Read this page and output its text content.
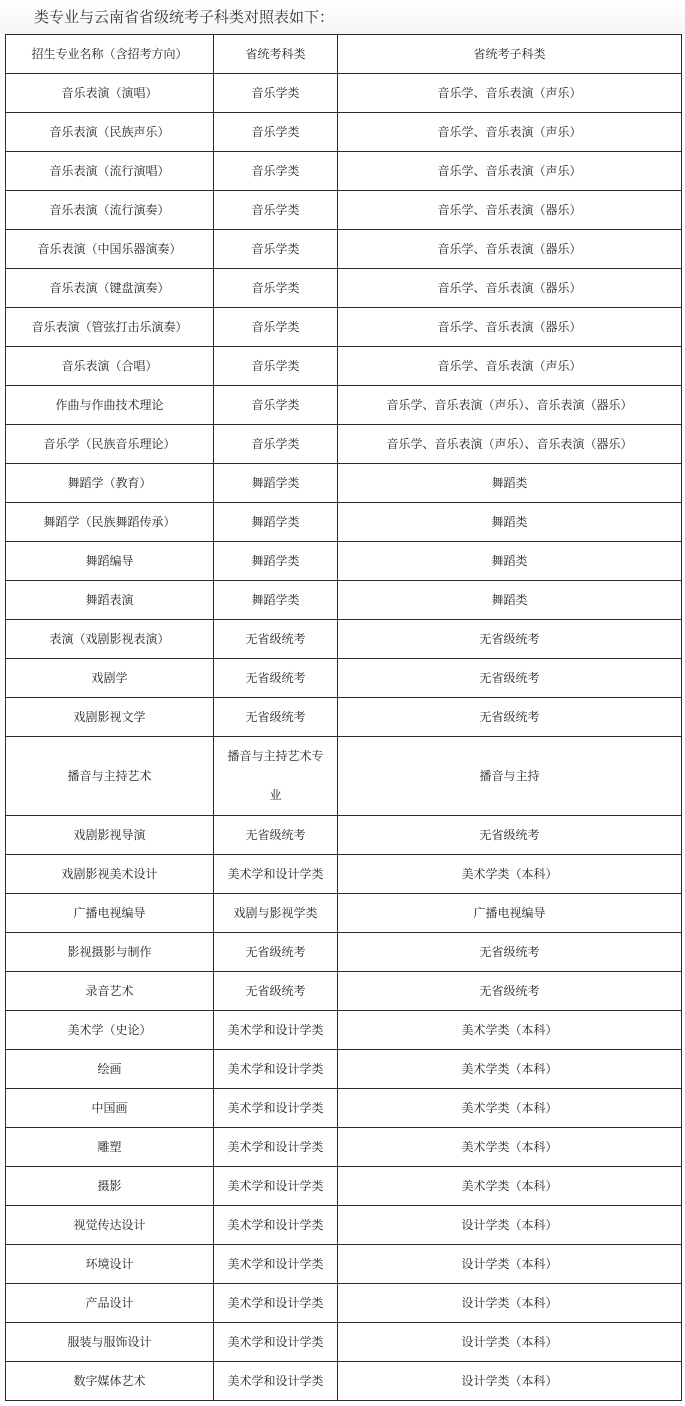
类专业与云南省省级统考子科类对照表如下：
招生专业名称（含招考方向）	省统考科类	省统考子科类
音乐表演（演唱）	音乐学类	音乐学、音乐表演（声乐）
音乐表演（民族声乐）	音乐学类	音乐学、音乐表演（声乐）
音乐表演（流行演唱）	音乐学类	音乐学、音乐表演（声乐）
音乐表演（流行演奏）	音乐学类	音乐学、音乐表演（器乐）
音乐表演（中国乐器演奏）	音乐学类	音乐学、音乐表演（器乐）
音乐表演（键盘演奏）	音乐学类	音乐学、音乐表演（器乐）
音乐表演（管弦打击乐演奏）	音乐学类	音乐学、音乐表演（器乐）
音乐表演（合唱）	音乐学类	音乐学、音乐表演（声乐）
作曲与作曲技术理论	音乐学类	音乐学、音乐表演（声乐）、音乐表演（器乐）
音乐学（民族音乐理论）	音乐学类	音乐学、音乐表演（声乐）、音乐表演（器乐）
舞蹈学（教育）	舞蹈学类	舞蹈类
舞蹈学（民族舞蹈传承）	舞蹈学类	舞蹈类
舞蹈编导	舞蹈学类	舞蹈类
舞蹈表演	舞蹈学类	舞蹈类
表演（戏剧影视表演）	无省级统考	无省级统考
戏剧学	无省级统考	无省级统考
戏剧影视文学	无省级统考	无省级统考
播音与主持艺术	播音与主持艺术专业	播音与主持
戏剧影视导演	无省级统考	无省级统考
戏剧影视美术设计	美术学和设计学类	美术学类（本科）
广播电视编导	戏剧与影视学类	广播电视编导
影视摄影与制作	无省级统考	无省级统考
录音艺术	无省级统考	无省级统考
美术学（史论）	美术学和设计学类	美术学类（本科）
绘画	美术学和设计学类	美术学类（本科）
中国画	美术学和设计学类	美术学类（本科）
雕塑	美术学和设计学类	美术学类（本科）
摄影	美术学和设计学类	美术学类（本科）
视觉传达设计	美术学和设计学类	设计学类（本科）
环境设计	美术学和设计学类	设计学类（本科）
产品设计	美术学和设计学类	设计学类（本科）
服装与服饰设计	美术学和设计学类	设计学类（本科）
数字媒体艺术	美术学和设计学类	设计学类（本科）
